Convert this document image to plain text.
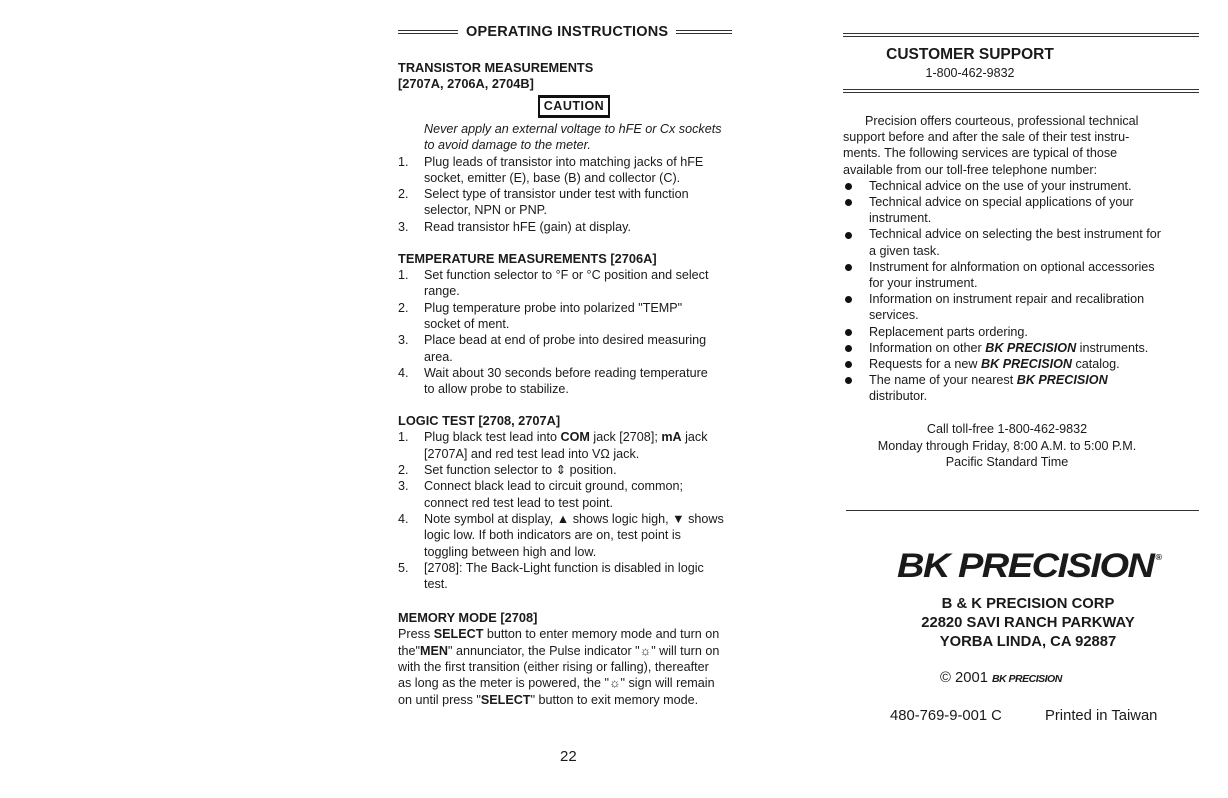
OPERATING INSTRUCTIONS
TRANSISTOR MEASUREMENTS
[2707A, 2706A, 2704B]
CAUTION
Never apply an external voltage to hFE or Cx sockets
to avoid damage to the meter.
1.	Plug leads of transistor into matching jacks of hFE
socket, emitter (E), base (B) and collector (C).
2.	Select type of transistor under test with function
selector, NPN or PNP.
3.	Read transistor hFE (gain) at display.
TEMPERATURE MEASUREMENTS [2706A]
1.	Set function selector to °F or °C position and select
range.
2.	Plug temperature probe into polarized "TEMP"
socket of ment.
3.	Place bead at end of probe into desired measuring
area.
4.	Wait about 30 seconds before reading temperature
to allow probe to stabilize.
LOGIC TEST [2708, 2707A]
1.	Plug black test lead into COM jack [2708]; mA jack
[2707A] and red test lead into VΩ jack.
2.	Set function selector to ⇕ position.
3.	Connect black lead to circuit ground, common;
connect red test lead to test point.
4.	Note symbol at display, ▲ shows logic high, ▼ shows
logic low. If both indicators are on, test point is
toggling between high and low.
5.	[2708]: The Back-Light function is disabled in logic
test.
MEMORY MODE [2708]
Press SELECT button to enter memory mode and turn on
the"MEN" annunciator, the Pulse indicator "☼" will turn on
with the first transition (either rising or falling), thereafter
as long as the meter is powered, the "☼" sign will remain
on until press "SELECT" button to exit memory mode.
22
CUSTOMER SUPPORT
1-800-462-9832

Precision offers courteous, professional technical

support before and after the sale of their test instru-
ments. The following services are typical of those
available from our toll-free telephone number:
Technical advice on the use of your instrument.
Technical advice on special applications of your
instrument.
Technical advice on selecting the best instrument for
a given task.
Instrument for alnformation on optional accessories
for your instrument.
Information on instrument repair and recalibration
services.
Replacement parts ordering.
Information on other BK PRECISION instruments.
Requests for a new BK PRECISION catalog.
The name of your nearest BK PRECISION
distributor.
Call toll-free 1-800-462-9832
Monday through Friday, 8:00 A.M. to 5:00 P.M.
Pacific Standard Time
BK PRECISION ®
B & K PRECISION CORP
22820 SAVI RANCH PARKWAY
YORBA LINDA, CA 92887
© 2001 BK PRECISION
480-769-9-001 C	Printed in Taiwan
